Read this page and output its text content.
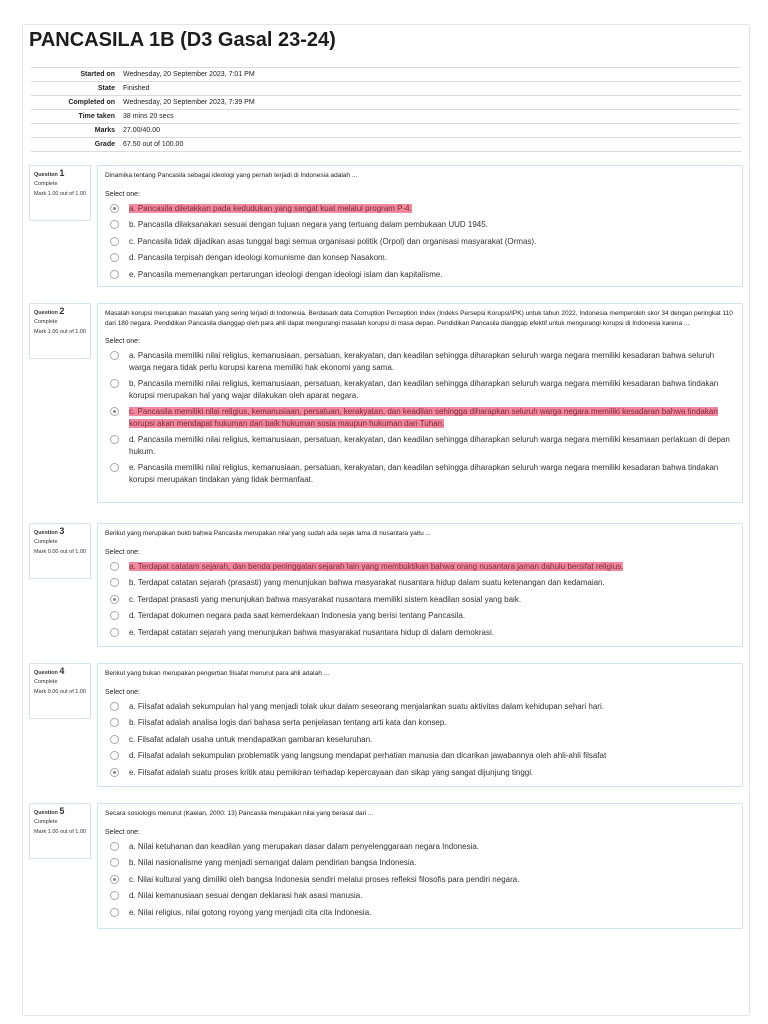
PANCASILA 1B (D3 Gasal 23-24)
Started on	Wednesday, 20 September 2023, 7:01 PM
State	Finished
Completed on	Wednesday, 20 September 2023, 7:39 PM
Time taken	38 mins 20 secs
Marks	27.00/40.00
Grade	67.50 out of 100.00
Question 1
Complete
Mark 1.00 out of 1.00
Dinamika tentang Pancasila sebagai ideologi yang pernah terjadi di Indonesia adalah ...
Select one:
a. Pancasila diletakkan pada kedudukan yang sangat kuat melalui program P-4.
b. Pancasila dilaksanakan sesuai dengan tujuan negara yang tertuang dalam pembukaan UUD 1945.
c. Pancasila tidak dijadikan asas tunggal bagi semua organisasi politik (Orpol) dan organisasi masyarakat (Ormas).
d. Pancasila terpisah dengan ideologi komunisme dan konsep Nasakom.
e. Pancasila memenangkan pertarungan ideologi dengan ideologi islam dan kapitalisme.
Question 2
Complete
Mark 1.00 out of 1.00
Masalah korupsi merupakan masalah yang sering terjadi di Indonesia. Berdasark data Corruption Perception Index (Indeks Persepsi Korupsi/IPK) untuk tahun 2022, Indonesia memperoleh skor 34 dengan peringkat 110 dari 180 negara. Pendidikan Pancasila dianggap oleh para ahli dapat mengurangi masalah korupsi di masa depan. Pendidikan Pancasila dianggap efektif untuk mengurangi korupsi di Indonesia karena ...
Select one:
a. Pancasila memiliki nilai religius, kemanusiaan, persatuan, kerakyatan, dan keadilan sehingga diharapkan seluruh warga negara memiliki kesadaran bahwa seluruh warga negara tidak perlu korupsi karena memiliki hak ekonomi yang sama.
b. Pancasila memiliki nilai religius, kemanusiaan, persatuan, kerakyatan, dan keadilan sehingga diharapkan seluruh warga negara memiliki kesadaran bahwa tindakan korupsi merupakan hal yang wajar dilakukan oleh aparat negara.
c. Pancasila memiliki nilai religius, kemanusiaan, persatuan, kerakyatan, dan keadilan sehingga diharapkan seluruh warga negara memiliki kesadaran bahwa tindakan korupsi akan mendapat hukuman dari baik hukuman sosia maupun hukuman dari Tuhan.
d. Pancasila memiliki nilai religius, kemanusiaan, persatuan, kerakyatan, dan keadilan sehingga diharapkan seluruh warga negara memiliki kesamaan perlakuan di depan hukum.
e. Pancasila memiliki nilai religius, kemanusiaan, persatuan, kerakyatan, dan keadilan sehingga diharapkan seluruh warga negara memiliki kesadaran bahwa tindakan korupsi merupakan tindakan yang tidak bermanfaat.
Question 3
Complete
Mark 0.00 out of 1.00
Berikut yang merupakan bukti bahwa Pancasila merupakan nilai yang sudah ada sejak lama di nusantara yaitu ...
Select one:
a. Terdapat catatam sejarah, dan benda peninggalan sejarah lain yang membuktikan bahwa orang nusantara jaman dahulu bersifat religius.
b. Terdapat catatan sejarah (prasasti) yang menunjukan bahwa masyarakat nusantara hidup dalam suatu ketenangan dan kedamaian.
c. Terdapat prasasti yang menunjukan bahwa masyarakat nusantara memiliki sistem keadilan sosial yang baik.
d. Terdapat dokumen negara pada saat kemerdekaan Indonesia yang berisi tentang Pancasila.
e. Terdapat catatan sejarah yang menunjukan bahwa masyarakat nusantara hidup di dalam demokrasi.
Question 4
Complete
Mark 0.00 out of 1.00
Berikut yang bukan merupakan pengertian filsafat menurut para ahli adalah ...
Select one:
a. Filsafat adalah sekumpulan hal yang menjadi tolak ukur dalam seseorang menjalankan suatu aktivitas dalam kehidupan sehari hari.
b. Filsafat adalah analisa logis dari bahasa serta penjelasan tentang arti kata dan konsep.
c. Filsafat adalah usaha untuk mendapatkan gambaran keseluruhan.
d. Filsafat adalah sekumpulan problematik yang langsung mendapat perhatian manusia dan dicarikan jawabannya oleh ahli-ahli filsafat
e. Filsafat adalah suatu proses kritik atau pemikiran terhadap kepercayaan dan sikap yang sangat dijunjung tinggi.
Question 5
Complete
Mark 1.00 out of 1.00
Secara sosiologis menurut (Kaelan, 2000: 13) Pancasila merupakan nilai yang berasal dari ...
Select one:
a. Nilai ketuhanan dan keadilan yang merupakan dasar dalam penyelenggaraan negara Indonesia.
b. Nilai nasionalisme yang menjadi semangat dalam pendirian bangsa Indonesia.
c. Nilai kultural yang dimiliki oleh bangsa Indonesia sendiri melalui proses refleksi filosofis para pendiri negara.
d. Nilai kemanusiaan sesuai dengan deklarasi hak asasi manusia.
e. Nilai religius, nilai gotong royong yang menjadi cita cita Indonesia.
